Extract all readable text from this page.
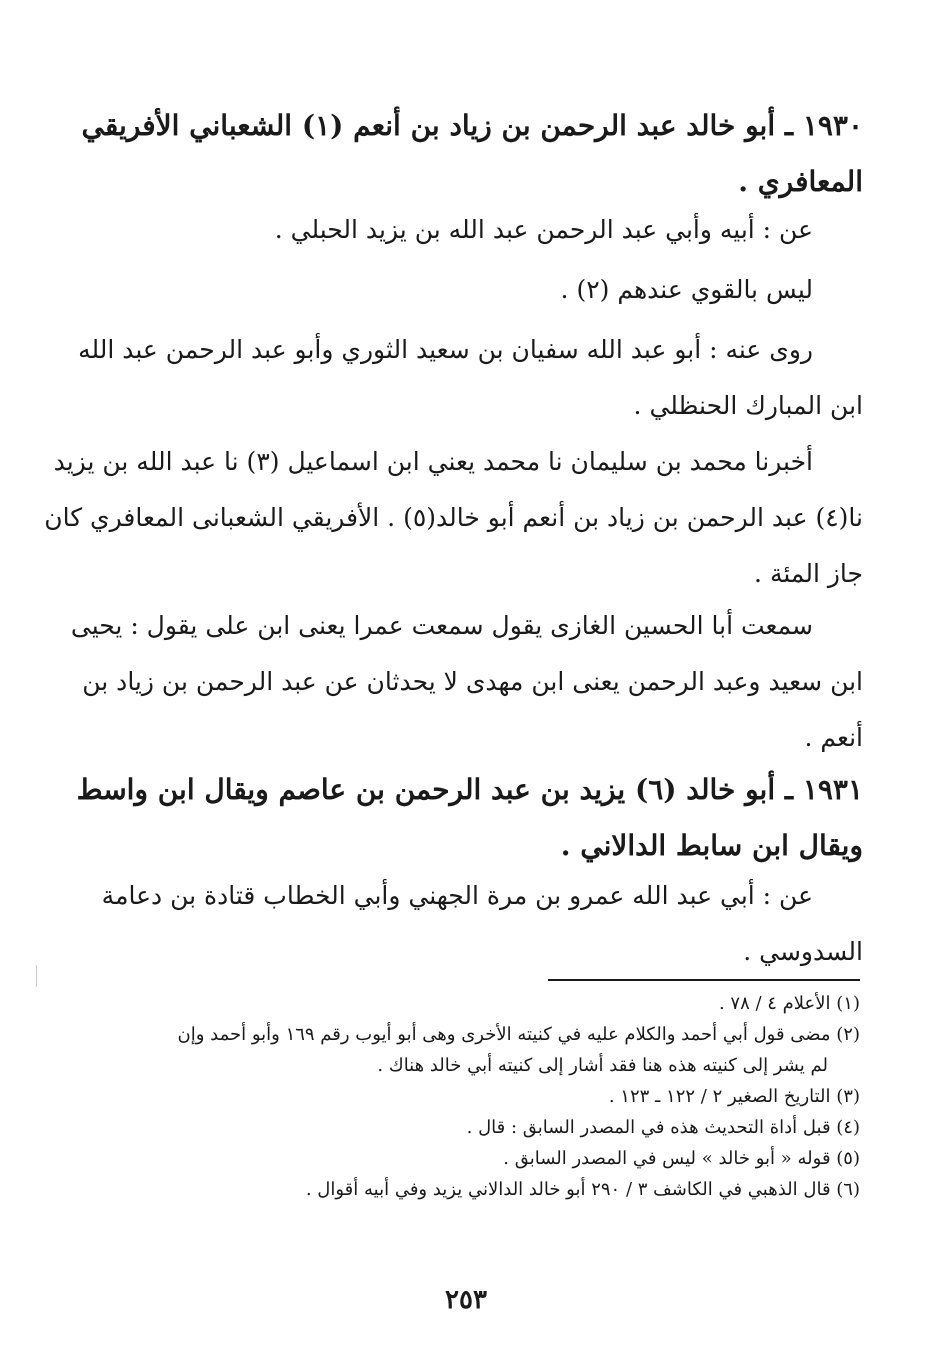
١٩٣٠ ـ أبو خالد عبد الرحمن بن زياد بن أنعم (١) الشعباني الأفريقي
المعافري .
عن : أبيه وأبي عبد الرحمن عبد الله بن يزيد الحبلي .
ليس بالقوي عندهم (٢) .
روى عنه : أبو عبد الله سفيان بن سعيد الثوري وأبو عبد الرحمن عبد الله
ابن المبارك الحنظلي .
أخبرنا محمد بن سليمان نا محمد يعني ابن اسماعيل (٣) نا عبد الله بن يزيد
نا(٤) عبد الرحمن بن زياد بن أنعم أبو خالد(٥) . الأفريقي الشعبانى المعافري كان
جاز المئة .
سمعت أبا الحسين الغازى يقول سمعت عمرا يعنى ابن على يقول : يحيى
ابن سعيد وعبد الرحمن يعنى ابن مهدى لا يحدثان عن عبد الرحمن بن زياد بن
أنعم .
١٩٣١ ـ أبو خالد (٦) يزيد بن عبد الرحمن بن عاصم ويقال ابن واسط
ويقال ابن سابط الدالاني .
عن : أبي عبد الله عمرو بن مرة الجهني وأبي الخطاب قتادة بن دعامة
السدوسي .
(١) الأعلام ٤ / ٧٨ .
(٢) مضى قول أبي أحمد والكلام عليه في كنيته الأخرى وهى أبو أيوب رقم ١٦٩ وأبو أحمد وإن
لم يشر إلى كنيته هذه هنا فقد أشار إلى كنيته أبي خالد هناك .
(٣) التاريخ الصغير ٢ / ١٢٢ ـ ١٢٣ .
(٤) قبل أداة التحديث هذه في المصدر السابق : قال .
(٥) قوله « أبو خالد » ليس في المصدر السابق .
(٦) قال الذهبي في الكاشف ٣ / ٢٩٠ أبو خالد الدالاني يزيد وفي أبيه أقوال .
٢٥٣
